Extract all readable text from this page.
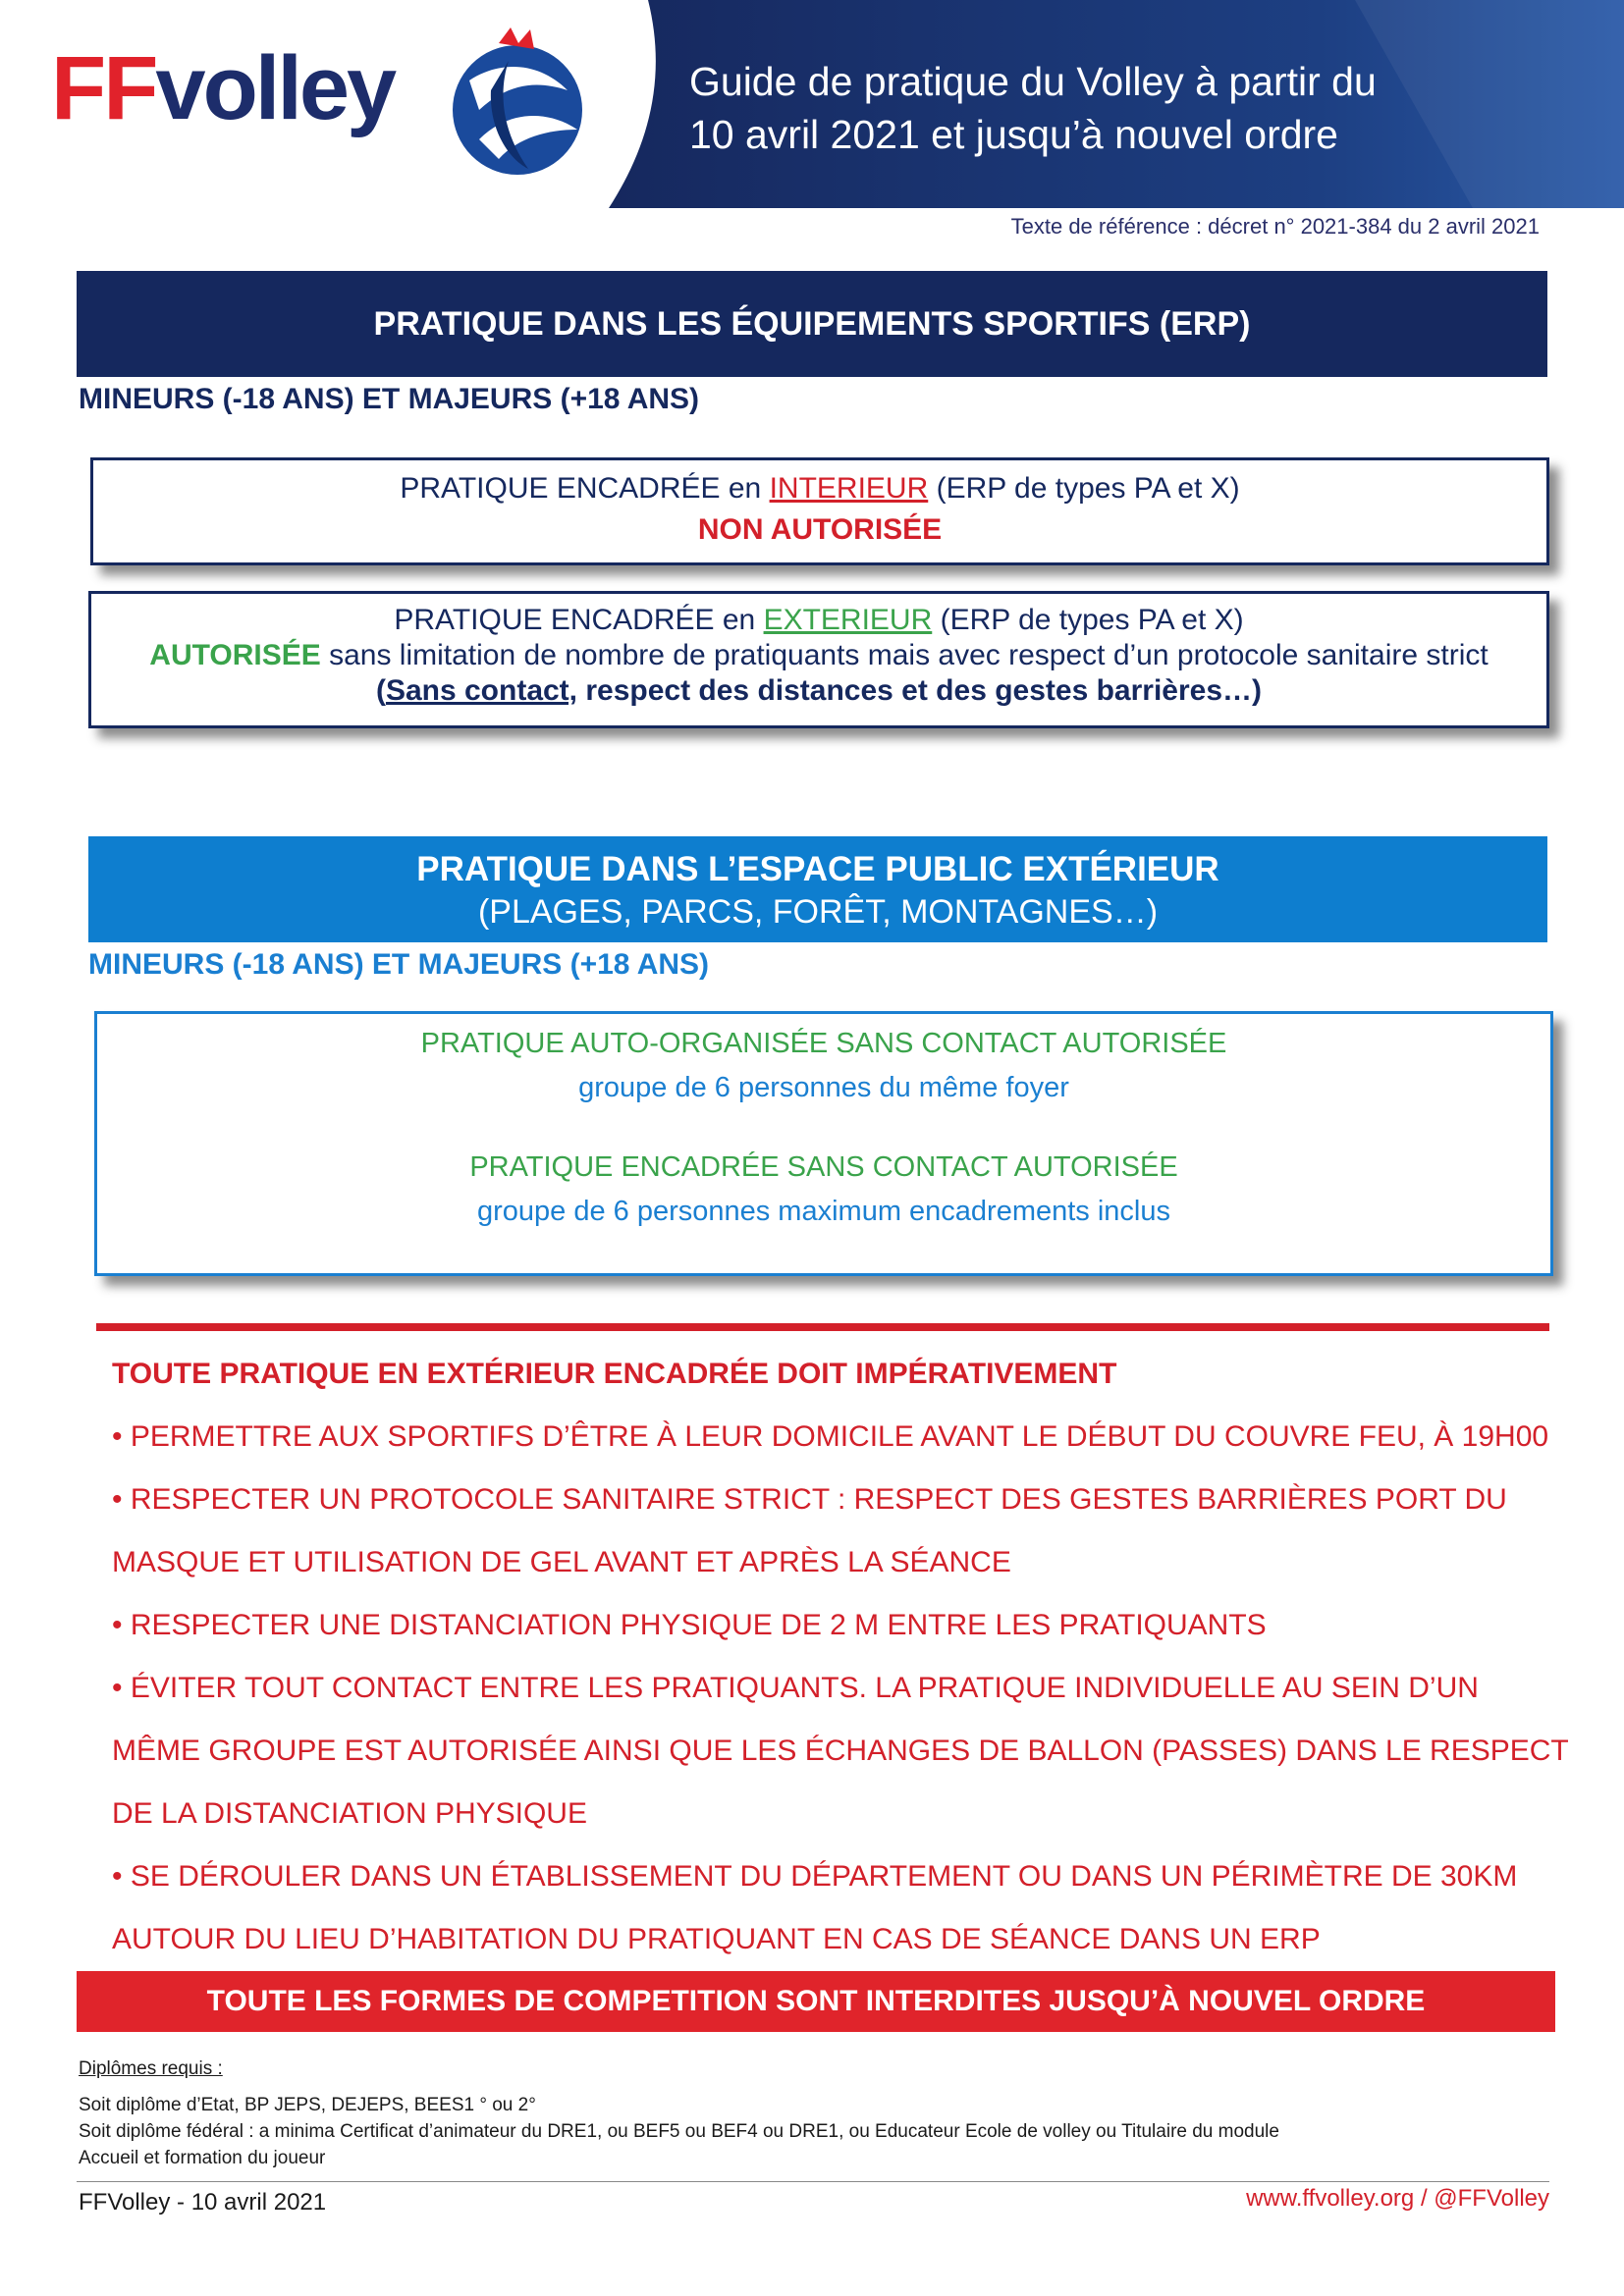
FFvolley	Guide de pratique du Volley à partir du
10 avril 2021 et jusqu’à nouvel ordre
Texte de référence : décret n° 2021-384 du 2 avril 2021
PRATIQUE DANS LES ÉQUIPEMENTS SPORTIFS (ERP)
MINEURS (-18 ANS) ET MAJEURS (+18 ANS)
PRATIQUE ENCADRÉE en INTERIEUR (ERP de types PA et X)
NON AUTORISÉE
PRATIQUE ENCADRÉE en EXTERIEUR (ERP de types PA et X)
AUTORISÉE sans limitation de nombre de pratiquants mais avec respect d’un protocole sanitaire strict
(Sans contact, respect des distances et des gestes barrières…)
PRATIQUE DANS L’ESPACE PUBLIC EXTÉRIEUR
(PLAGES, PARCS, FORÊT, MONTAGNES…)
MINEURS (-18 ANS) ET MAJEURS (+18 ANS)
PRATIQUE AUTO-ORGANISÉE SANS CONTACT AUTORISÉE
groupe de 6 personnes du même foyer
PRATIQUE ENCADRÉE SANS CONTACT AUTORISÉE
groupe de 6 personnes maximum encadrements inclus
TOUTE PRATIQUE EN EXTÉRIEUR ENCADRÉE DOIT IMPÉRATIVEMENT
• PERMETTRE AUX SPORTIFS D’ÊTRE À LEUR DOMICILE AVANT LE DÉBUT DU COUVRE FEU, À 19H00
• RESPECTER UN PROTOCOLE SANITAIRE STRICT : RESPECT DES GESTES BARRIÈRES PORT DU
MASQUE ET UTILISATION DE GEL AVANT ET APRÈS LA SÉANCE
• RESPECTER UNE DISTANCIATION PHYSIQUE DE 2 M ENTRE LES PRATIQUANTS
• ÉVITER TOUT CONTACT ENTRE LES PRATIQUANTS. LA PRATIQUE INDIVIDUELLE AU SEIN D’UN
MÊME GROUPE EST AUTORISÉE AINSI QUE LES ÉCHANGES DE BALLON (PASSES) DANS LE RESPECT
DE LA DISTANCIATION PHYSIQUE
• SE DÉROULER DANS UN ÉTABLISSEMENT DU DÉPARTEMENT OU DANS UN PÉRIMÈTRE DE 30KM
AUTOUR DU LIEU D’HABITATION DU PRATIQUANT EN CAS DE SÉANCE DANS UN ERP
TOUTE LES FORMES DE COMPETITION SONT INTERDITES JUSQU’À NOUVEL ORDRE
Diplômes requis :
Soit diplôme d’Etat, BP JEPS, DEJEPS, BEES1 ° ou 2°
Soit diplôme fédéral : a minima Certificat d’animateur du DRE1, ou BEF5 ou BEF4 ou DRE1, ou Educateur Ecole de volley ou Titulaire du module
Accueil et formation du joueur
FFVolley - 10 avril 2021	www.ffvolley.org / @FFVolley
